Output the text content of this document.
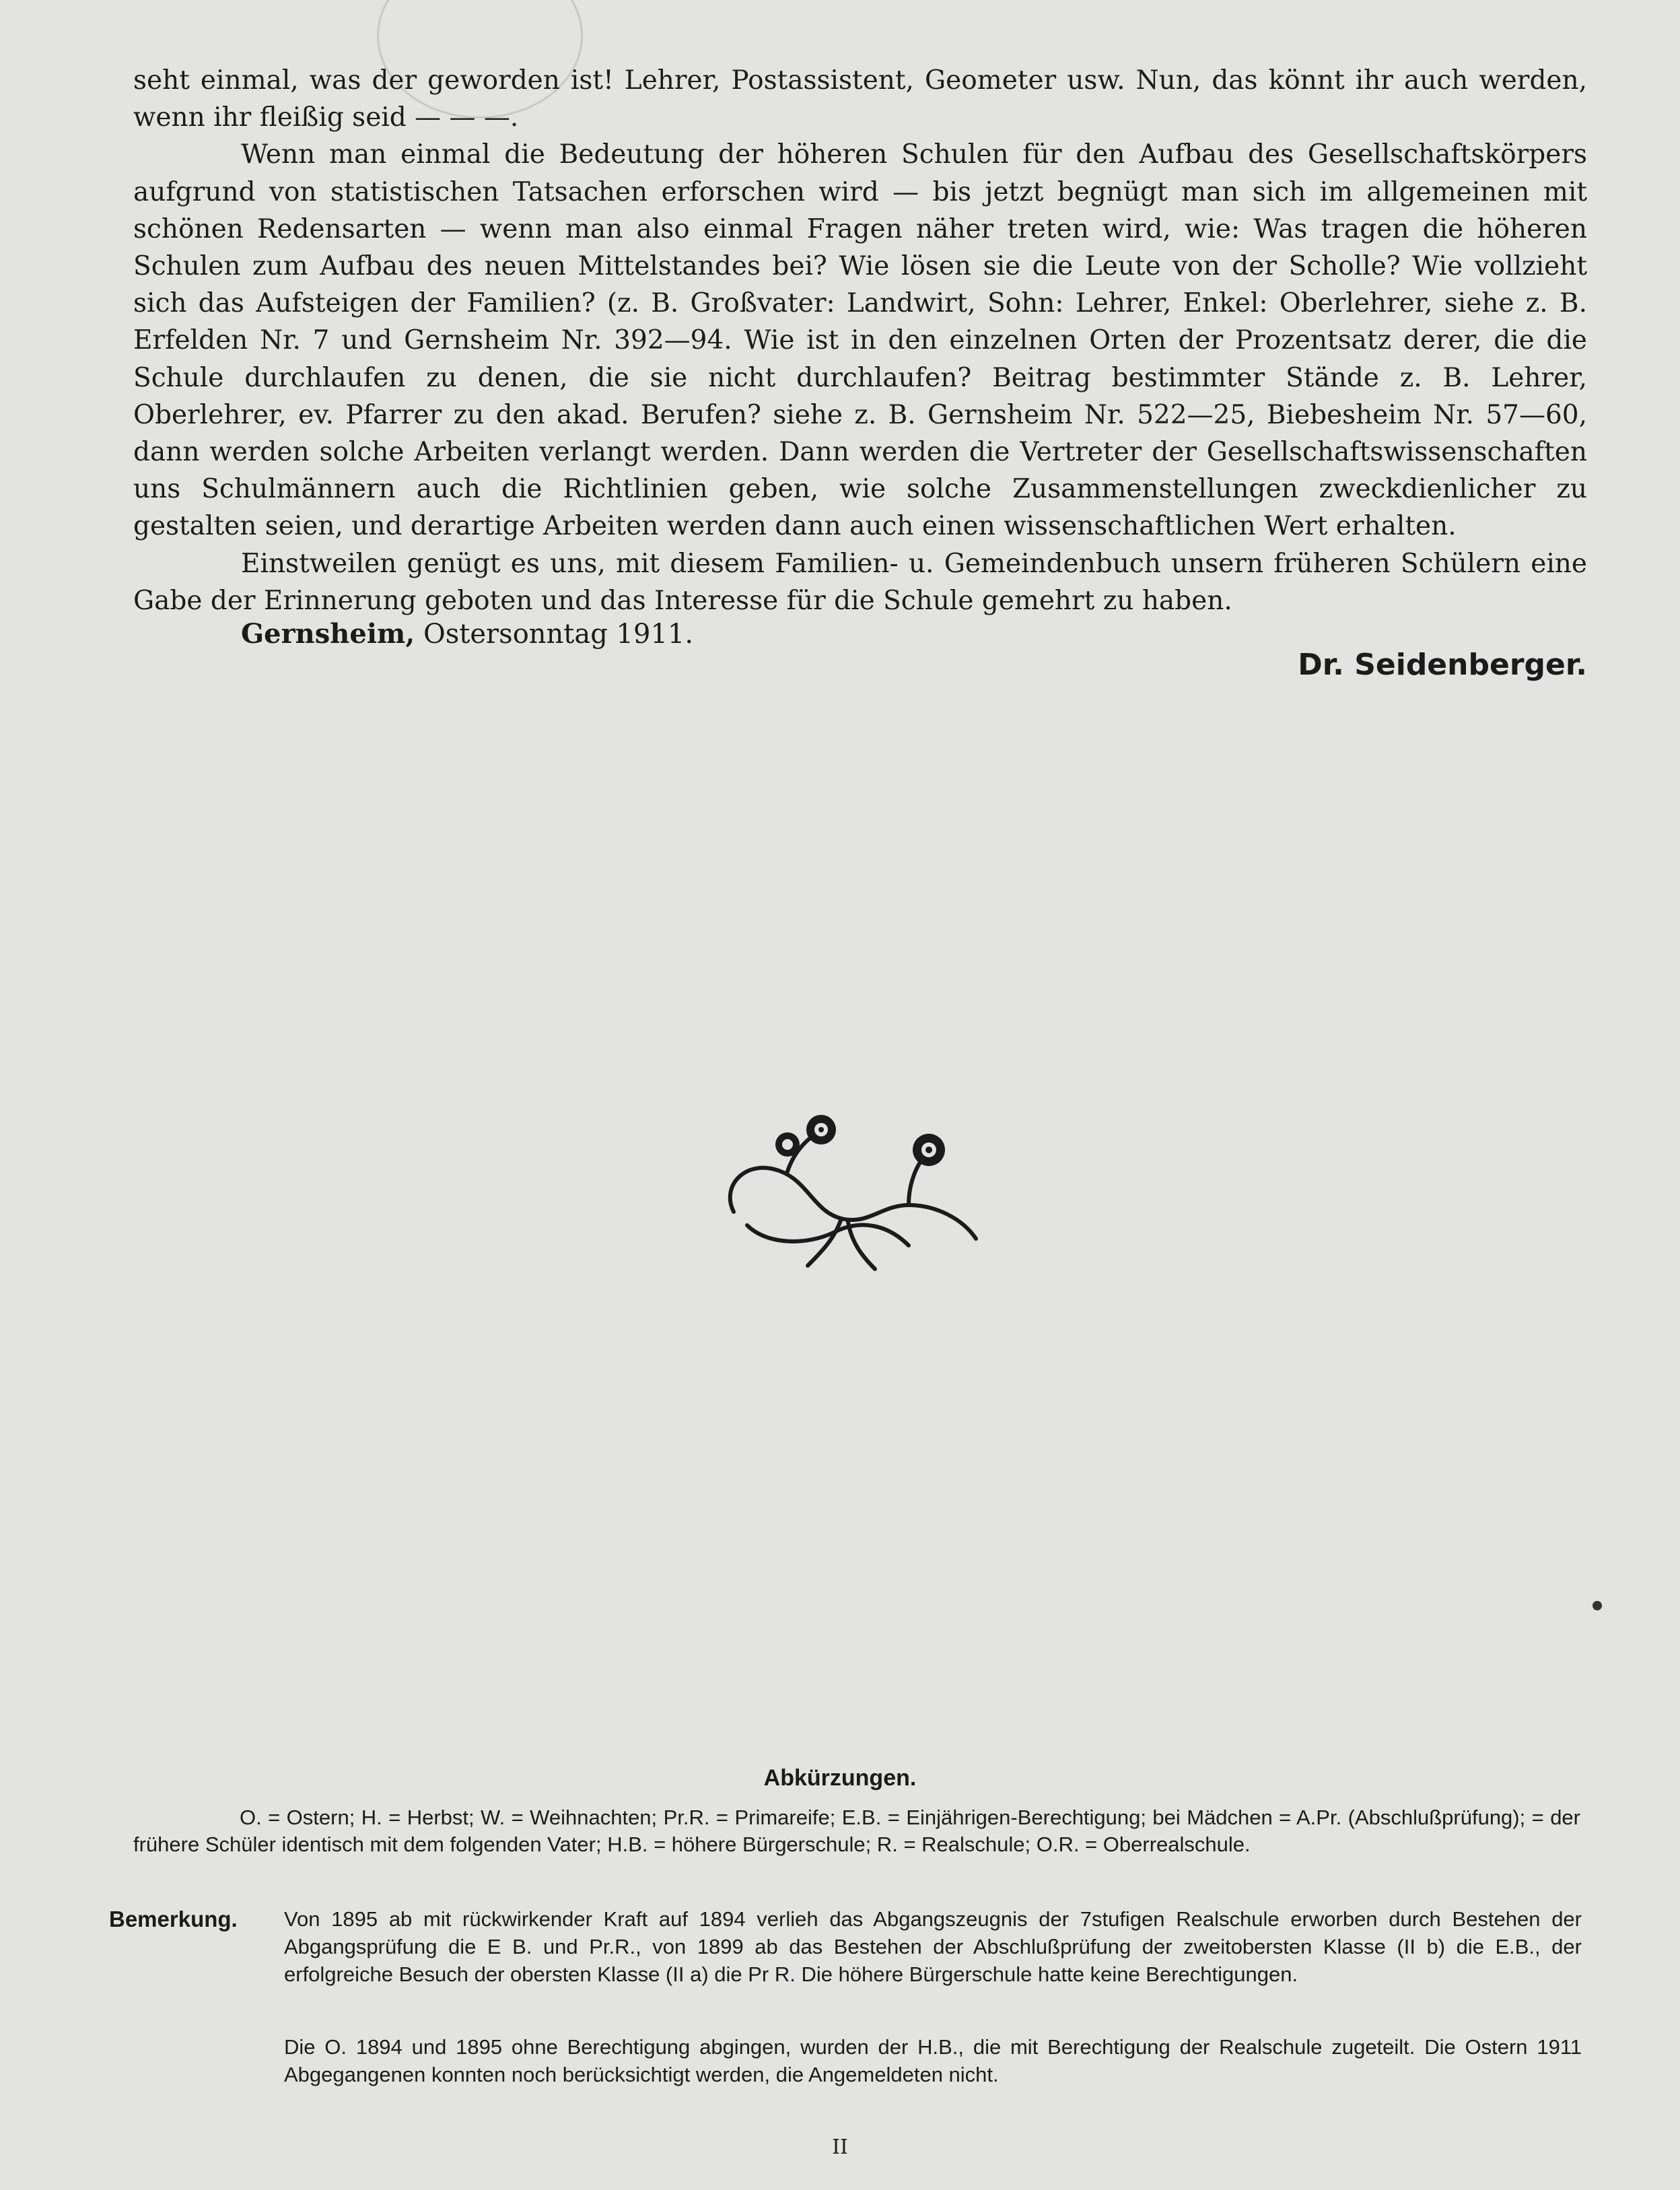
seht einmal, was der geworden ist! Lehrer, Postassistent, Geometer usw. Nun, das könnt ihr auch werden, wenn ihr fleißig seid — — —.

Wenn man einmal die Bedeutung der höheren Schulen für den Aufbau des Gesellschaftskörpers aufgrund von statistischen Tatsachen erforschen wird — bis jetzt begnügt man sich im allgemeinen mit schönen Redensarten — wenn man also einmal Fragen näher treten wird, wie: Was tragen die höheren Schulen zum Aufbau des neuen Mittelstandes bei? Wie lösen sie die Leute von der Scholle? Wie vollzieht sich das Aufsteigen der Familien? (z. B. Großvater: Landwirt, Sohn: Lehrer, Enkel: Oberlehrer, siehe z. B. Erfelden Nr. 7 und Gernsheim Nr. 392—94. Wie ist in den einzelnen Orten der Prozentsatz derer, die die Schule durchlaufen zu denen, die sie nicht durchlaufen? Beitrag bestimmter Stände z. B. Lehrer, Oberlehrer, ev. Pfarrer zu den akad. Berufen? siehe z. B. Gernsheim Nr. 522—25, Biebesheim Nr. 57—60, dann werden solche Arbeiten verlangt werden. Dann werden die Vertreter der Gesellschaftswissenschaften uns Schulmännern auch die Richtlinien geben, wie solche Zusammenstellungen zweckdienlicher zu gestalten seien, und derartige Arbeiten werden dann auch einen wissenschaftlichen Wert erhalten.

Einstweilen genügt es uns, mit diesem Familien- u. Gemeindenbuch unsern früheren Schülern eine Gabe der Erinnerung geboten und das Interesse für die Schule gemehrt zu haben.

Gernsheim, Ostersonntag 1911.
Dr. Seidenberger.
Abkürzungen.

O. = Ostern; H. = Herbst; W. = Weihnachten; Pr.R. = Primareife; E.B. = Einjährigen-Berechtigung; bei Mädchen = A.Pr. (Abschlußprüfung); = der frühere Schüler identisch mit dem folgenden Vater; H.B. = höhere Bürgerschule; R. = Realschule; O.R. = Oberrealschule.

Bemerkung. Von 1895 ab mit rückwirkender Kraft auf 1894 verlieh das Abgangszeugnis der 7stufigen Realschule erworben durch Bestehen der Abgangsprüfung die E B. und Pr.R., von 1899 ab das Bestehen der Abschlußprüfung der zweitobersten Klasse (II b) die E.B., der erfolgreiche Besuch der obersten Klasse (II a) die Pr R. Die höhere Bürgerschule hatte keine Berechtigungen.
Die O. 1894 und 1895 ohne Berechtigung abgingen, wurden der H.B., die mit Berechtigung der Realschule zugeteilt. Die Ostern 1911 Abgegangenen konnten noch berücksichtigt werden, die Angemeldeten nicht.
II
